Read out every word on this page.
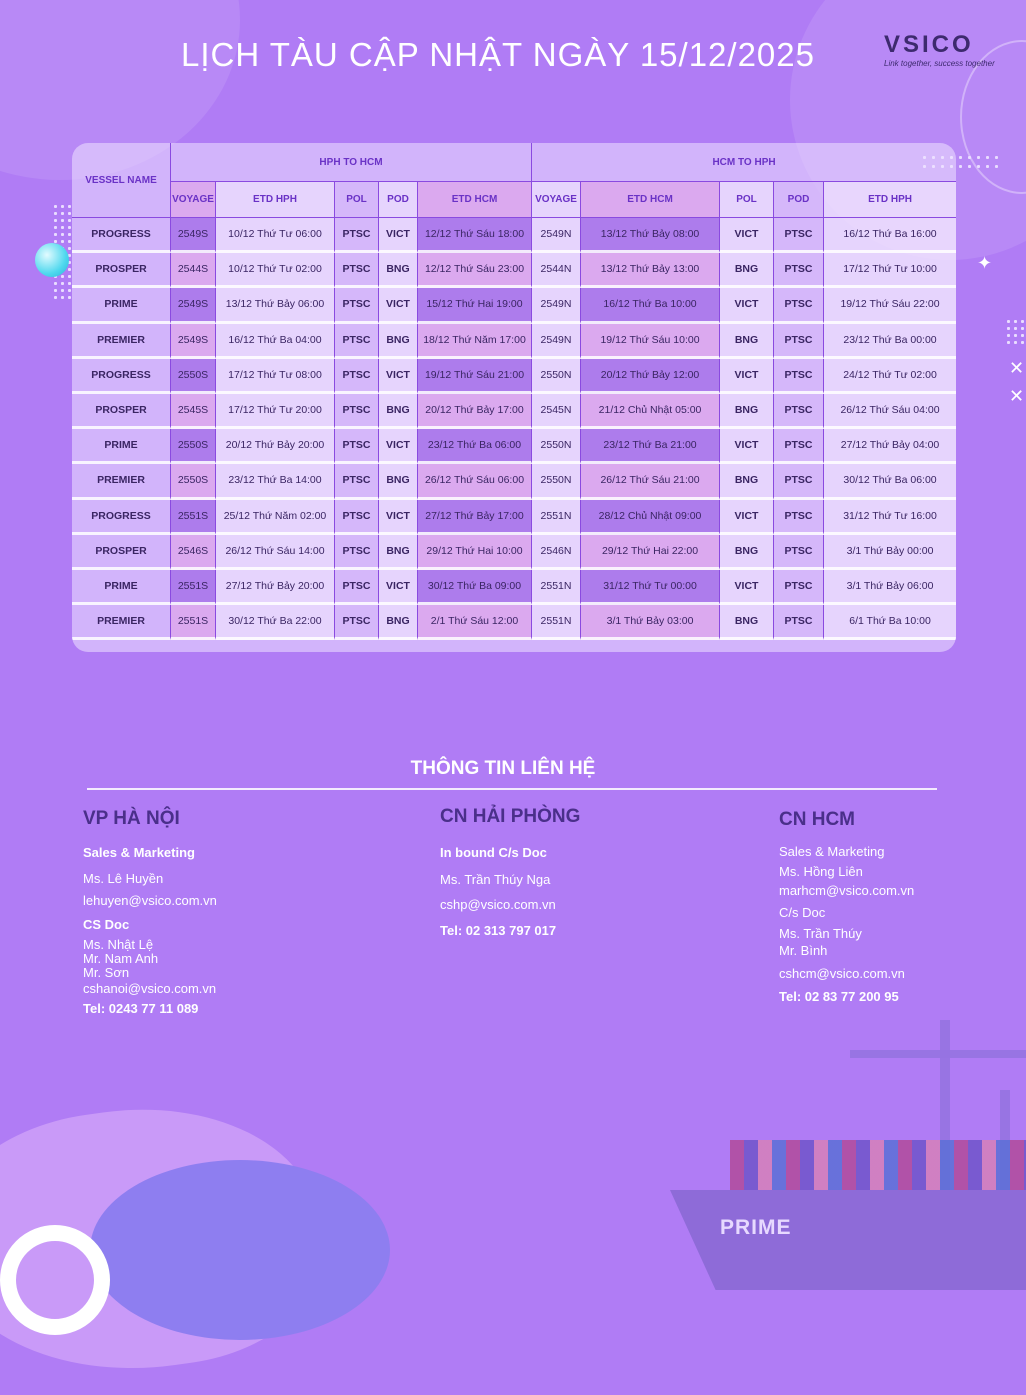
✦
✕
✕
PRIME
LỊCH TÀU CẬP NHẬT NGÀY 15/12/2025	VSICO
Link together, success together
VESSEL NAME	HPH TO HCM					HCM TO HPH				
	VOYAGE	ETD HPH	POL	POD	ETD HCM	VOYAGE	ETD HCM	POL	POD	ETD HPH
PROGRESS	2549S	10/12 Thứ Tư 06:00	PTSC	VICT	12/12 Thứ Sáu 18:00	2549N	13/12 Thứ Bảy 08:00	VICT	PTSC	16/12 Thứ Ba 16:00
PROSPER	2544S	10/12 Thứ Tư 02:00	PTSC	BNG	12/12 Thứ Sáu 23:00	2544N	13/12 Thứ Bảy 13:00	BNG	PTSC	17/12 Thứ Tư 10:00
PRIME	2549S	13/12 Thứ Bảy 06:00	PTSC	VICT	15/12 Thứ Hai 19:00	2549N	16/12 Thứ Ba 10:00	VICT	PTSC	19/12 Thứ Sáu 22:00
PREMIER	2549S	16/12 Thứ Ba 04:00	PTSC	BNG	18/12 Thứ Năm 17:00	2549N	19/12 Thứ Sáu 10:00	BNG	PTSC	23/12 Thứ Ba 00:00
PROGRESS	2550S	17/12 Thứ Tư 08:00	PTSC	VICT	19/12 Thứ Sáu 21:00	2550N	20/12 Thứ Bảy 12:00	VICT	PTSC	24/12 Thứ Tư 02:00
PROSPER	2545S	17/12 Thứ Tư 20:00	PTSC	BNG	20/12 Thứ Bảy 17:00	2545N	21/12 Chủ Nhật 05:00	BNG	PTSC	26/12 Thứ Sáu 04:00
PRIME	2550S	20/12 Thứ Bảy 20:00	PTSC	VICT	23/12 Thứ Ba 06:00	2550N	23/12 Thứ Ba 21:00	VICT	PTSC	27/12 Thứ Bảy 04:00
PREMIER	2550S	23/12 Thứ Ba 14:00	PTSC	BNG	26/12 Thứ Sáu 06:00	2550N	26/12 Thứ Sáu 21:00	BNG	PTSC	30/12 Thứ Ba 06:00
PROGRESS	2551S	25/12 Thứ Năm 02:00	PTSC	VICT	27/12 Thứ Bảy 17:00	2551N	28/12 Chủ Nhật 09:00	VICT	PTSC	31/12 Thứ Tư 16:00
PROSPER	2546S	26/12 Thứ Sáu 14:00	PTSC	BNG	29/12 Thứ Hai 10:00	2546N	29/12 Thứ Hai 22:00	BNG	PTSC	3/1 Thứ Bảy 00:00
PRIME	2551S	27/12 Thứ Bảy 20:00	PTSC	VICT	30/12 Thứ Ba 09:00	2551N	31/12 Thứ Tư 00:00	VICT	PTSC	3/1 Thứ Bảy 06:00
PREMIER	2551S	30/12 Thứ Ba 22:00	PTSC	BNG	2/1 Thứ Sáu 12:00	2551N	3/1 Thứ Bảy 03:00	BNG	PTSC	6/1 Thứ Ba 10:00
THÔNG TIN LIÊN HỆ
VP HÀ NỘI
Sales & Marketing
Ms. Lê Huyền
lehuyen@vsico.com.vn
CS Doc
Ms. Nhật Lệ
Mr. Nam Anh
Mr. Sơn
cshanoi@vsico.com.vn
Tel: 0243 77 11 089
CN HẢI PHÒNG
In bound C/s Doc
Ms. Trần Thúy Nga
cshp@vsico.com.vn
Tel: 02 313 797 017
CN HCM
Sales & Marketing
Ms. Hồng Liên
marhcm@vsico.com.vn
C/s Doc
Ms. Trần Thúy
Mr. Bình
cshcm@vsico.com.vn
Tel: 02 83 77 200 95
